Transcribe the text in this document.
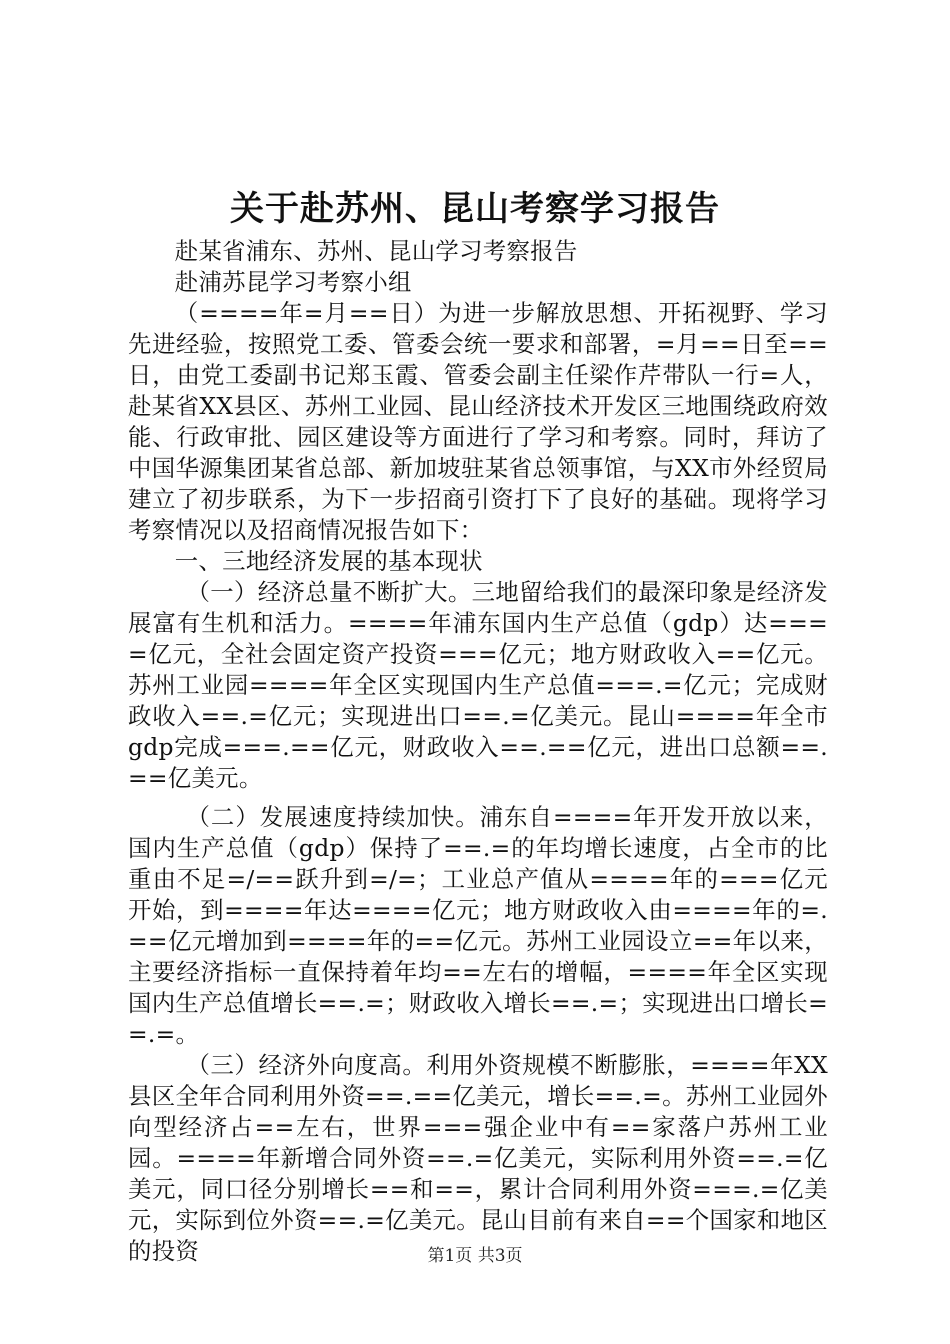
关于赴苏州、昆山考察学习报告

赴某省浦东、苏州、昆山学习考察报告

赴浦苏昆学习考察小组

（====年=月==日）为进一步解放思想、开拓视野、学习先进经验，按照党工委、管委会统一要求和部署，=月==日至==日，由党工委副书记郑玉霞、管委会副主任梁作芹带队一行=人，赴某省XX县区、苏州工业园、昆山经济技术开发区三地围绕政府效能、行政审批、园区建设等方面进行了学习和考察。同时，拜访了中国华源集团某省总部、新加坡驻某省总领事馆，与XX市外经贸局建立了初步联系，为下一步招商引资打下了良好的基础。现将学习考察情况以及招商情况报告如下：

一、三地经济发展的基本现状

（一）经济总量不断扩大。三地留给我们的最深印象是经济发展富有生机和活力。====年浦东国内生产总值（gdp）达====亿元，全社会固定资产投资===亿元；地方财政收入==亿元。苏州工业园====年全区实现国内生产总值===.=亿元；完成财政收入==.=亿元；实现进出口==.=亿美元。昆山====年全市gdp完成===.==亿元，财政收入==.==亿元，进出口总额==.==亿美元。

（二）发展速度持续加快。浦东自====年开发开放以来，国内生产总值（gdp）保持了==.=的年均增长速度，占全市的比重由不足=/==跃升到=/=；工业总产值从====年的===亿元开始，到====年达====亿元；地方财政收入由====年的=.==亿元增加到====年的==亿元。苏州工业园设立==年以来，主要经济指标一直保持着年均==左右的增幅，====年全区实现国内生产总值增长==.=；财政收入增长==.=；实现进出口增长==.=。

（三）经济外向度高。利用外资规模不断膨胀，====年XX县区全年合同利用外资==.==亿美元，增长==.=。苏州工业园外向型经济占==左右，世界===强企业中有==家落户苏州工业园。====年新增合同外资==.=亿美元，实际利用外资==.=亿美元，同口径分别增长==和==，累计合同利用外资===.=亿美元，实际到位外资==.=亿美元。昆山目前有来自==个国家和地区的投资	第1页 共3页
